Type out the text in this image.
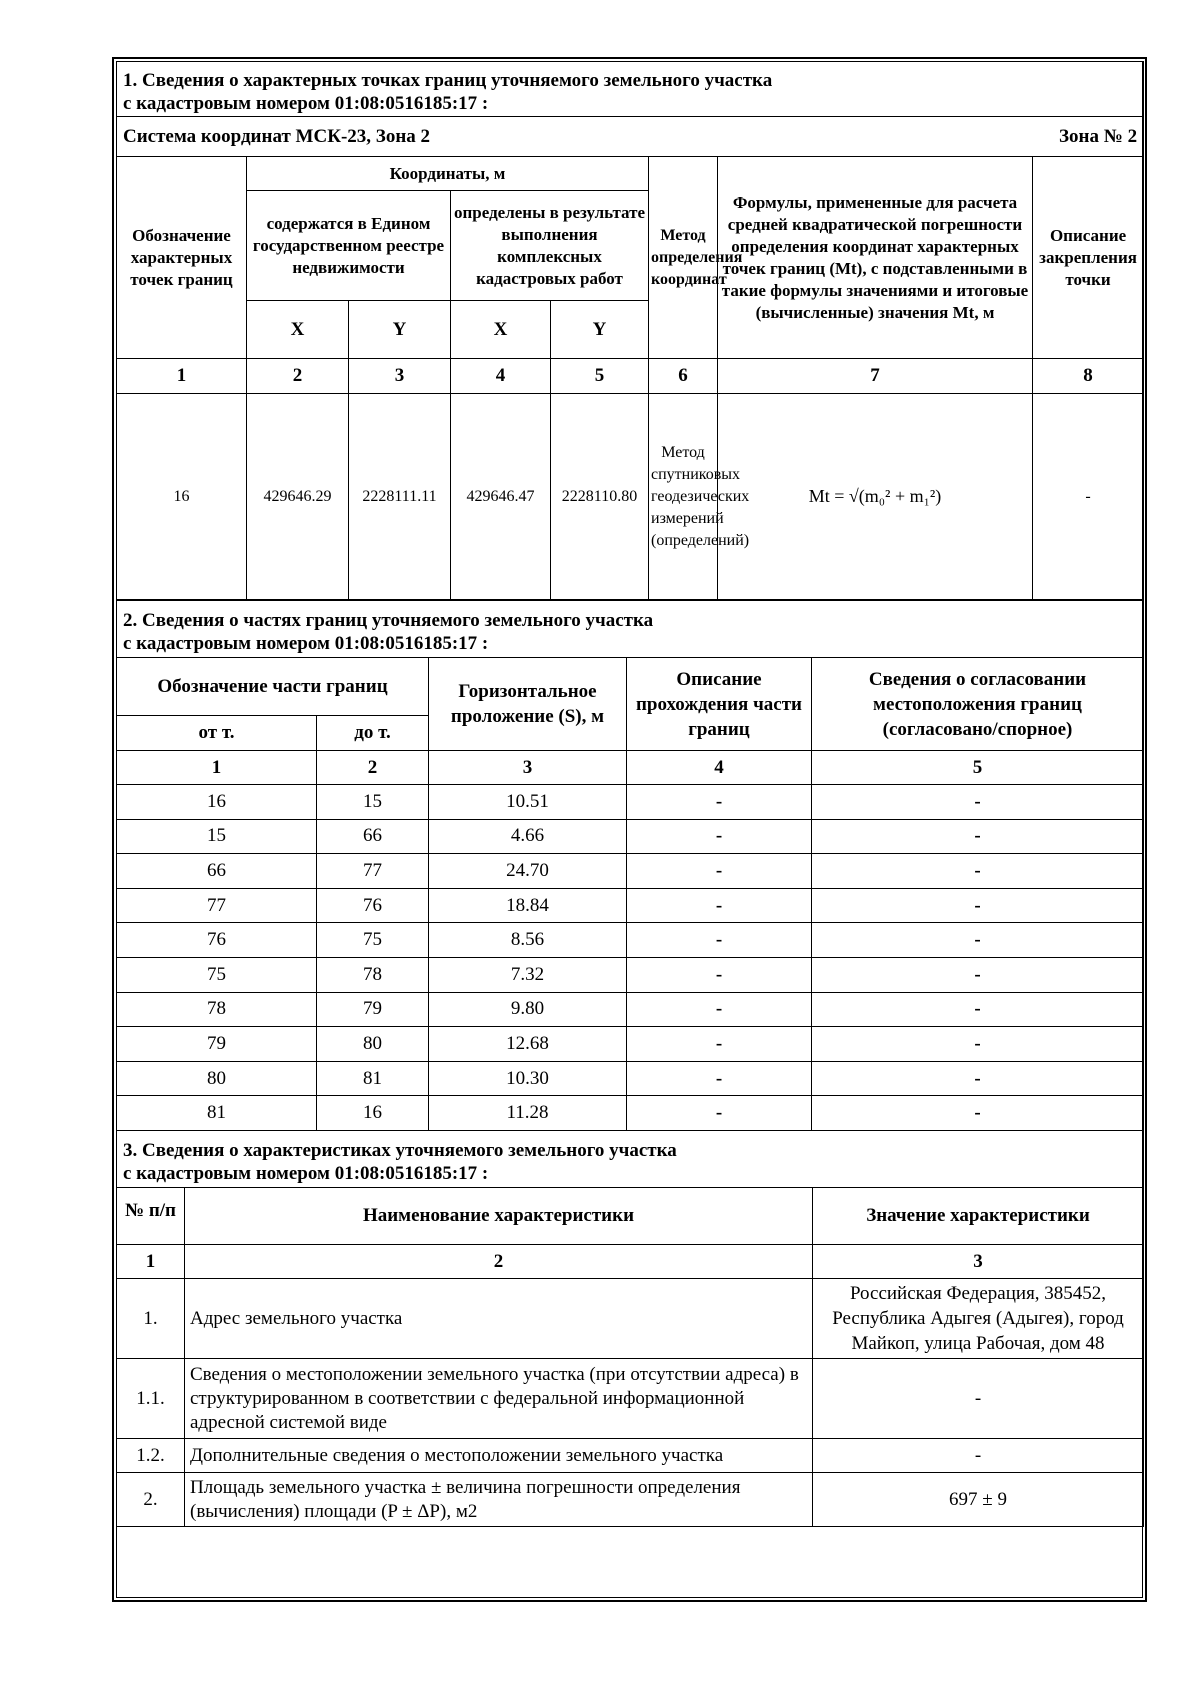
1. Сведения о характерных точках границ уточняемого земельного участка
с кадастровым номером 01:08:0516185:17 :							

Система координат МСК-23, Зона 2 Зона № 2							

Обозначение характерных точек границ	Координаты, м				Метод определения координат	Формулы, примененные для расчета средней квадратической погрешности определения координат характерных точек границ (Mt), с подставленными в такие формулы значениями и итоговые (вычисленные) значения Mt, м	Описание закрепления точки
	содержатся в Едином государственном реестре недвижимости		определены в результате выполнения комплексных кадастровых работ				
	X	Y	X	Y			
1	2	3	4	5	6	7	8
16	429646.29	2228111.11	429646.47	2228110.80	Метод спутниковых геодезических измерений (определений)	Mt = √(m₀² + m₁²)	-
2. Сведения о частях границ уточняемого земельного участка
с кадастровым номером 01:08:0516185:17 :				

Обозначение части границ		Горизонтальное проложение (S), м	Описание прохождения части границ	Сведения о согласовании местоположения границ (согласовано/спорное)
от т.	до т.			
1	2	3	4	5
16	15	10.51	-	-
15	66	4.66	-	-
66	77	24.70	-	-
77	76	18.84	-	-
76	75	8.56	-	-
75	78	7.32	-	-
78	79	9.80	-	-
79	80	12.68	-	-
80	81	10.30	-	-
81	16	11.28	-	-
3. Сведения о характеристиках уточняемого земельного участка
с кадастровым номером 01:08:0516185:17 :		

№ п/п	Наименование характеристики	Значение характеристики
1	2	3
1.	Адрес земельного участка	Российская Федерация, 385452, Республика Адыгея (Адыгея), город Майкоп, улица Рабочая, дом 48
1.1.	Сведения о местоположении земельного участка (при отсутствии адреса) в структурированном в соответствии с федеральной информационной адресной системой виде	-
1.2.	Дополнительные сведения о местоположении земельного участка	-
2.	Площадь земельного участка ± величина погрешности определения (вычисления) площади (P ± ΔP), м2	697 ± 9
